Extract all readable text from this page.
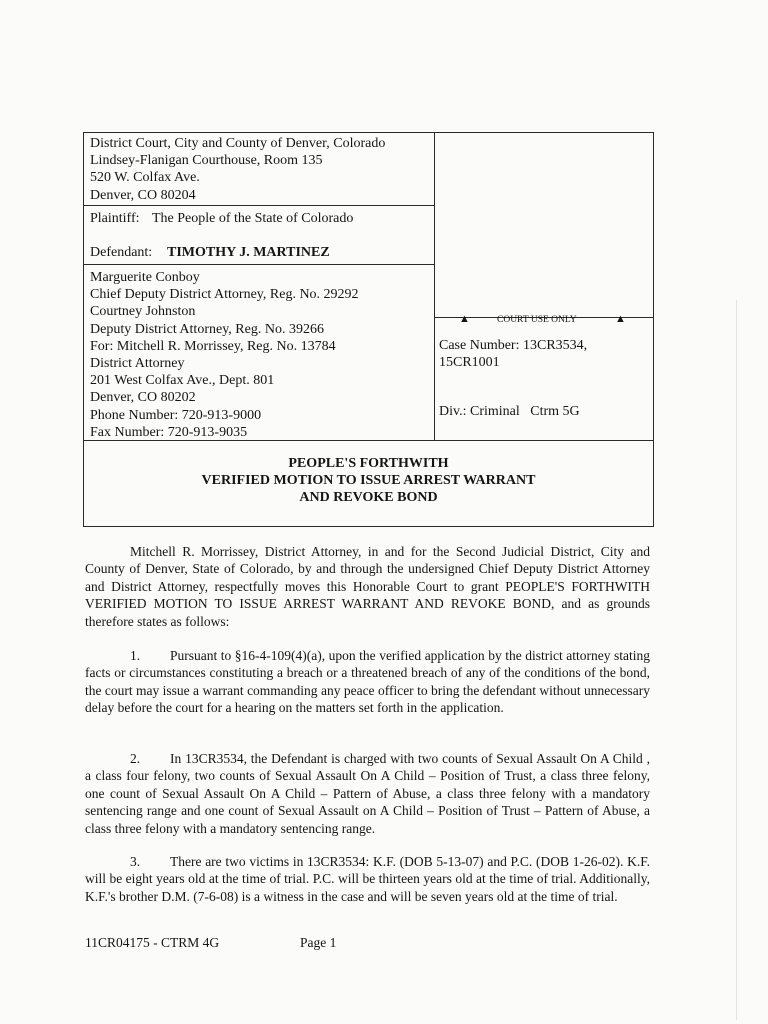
District Court, City and County of Denver, Colorado
Lindsey-Flanigan Courthouse, Room 135
520 W. Colfax Ave.
Denver, CO 80204
Plaintiff: The People of the State of Colorado
Defendant: TIMOTHY J. MARTINEZ
Marguerite Conboy
Chief Deputy District Attorney, Reg. No. 29292
Courtney Johnston
Deputy District Attorney, Reg. No. 39266
For: Mitchell R. Morrissey, Reg. No. 13784
District Attorney
201 West Colfax Ave., Dept. 801
Denver, CO 80202
Phone Number: 720-913-9000
Fax Number: 720-913-9035
▲	COURT USE ONLY	▲
Case Number: 13CR3534,
15CR1001
Div.: Criminal   Ctrm 5G
PEOPLE'S FORTHWITH
VERIFIED MOTION TO ISSUE ARREST WARRANT
AND REVOKE BOND

Mitchell R. Morrissey, District Attorney, in and for the Second Judicial District, City and County of Denver, State of Colorado, by and through the undersigned Chief Deputy District Attorney and District Attorney, respectfully moves this Honorable Court to grant PEOPLE'S FORTHWITH VERIFIED MOTION TO ISSUE ARREST WARRANT AND REVOKE BOND, and as grounds therefore states as follows:

1. Pursuant to §16-4-109(4)(a), upon the verified application by the district attorney stating facts or circumstances constituting a breach or a threatened breach of any of the conditions of the bond, the court may issue a warrant commanding any peace officer to bring the defendant without unnecessary delay before the court for a hearing on the matters set forth in the application.

2. In 13CR3534, the Defendant is charged with two counts of Sexual Assault On A Child , a class four felony, two counts of Sexual Assault On A Child – Position of Trust, a class three felony, one count of Sexual Assault On A Child – Pattern of Abuse, a class three felony with a mandatory sentencing range and one count of Sexual Assault on A Child – Position of Trust – Pattern of Abuse, a class three felony with a mandatory sentencing range.

3. There are two victims in 13CR3534: K.F. (DOB 5-13-07) and P.C. (DOB 1-26-02). K.F. will be eight years old at the time of trial. P.C. will be thirteen years old at the time of trial. Additionally, K.F.'s brother D.M. (7-6-08) is a witness in the case and will be seven years old at the time of trial.

11CR04175 - CTRM 4G	Page 1
